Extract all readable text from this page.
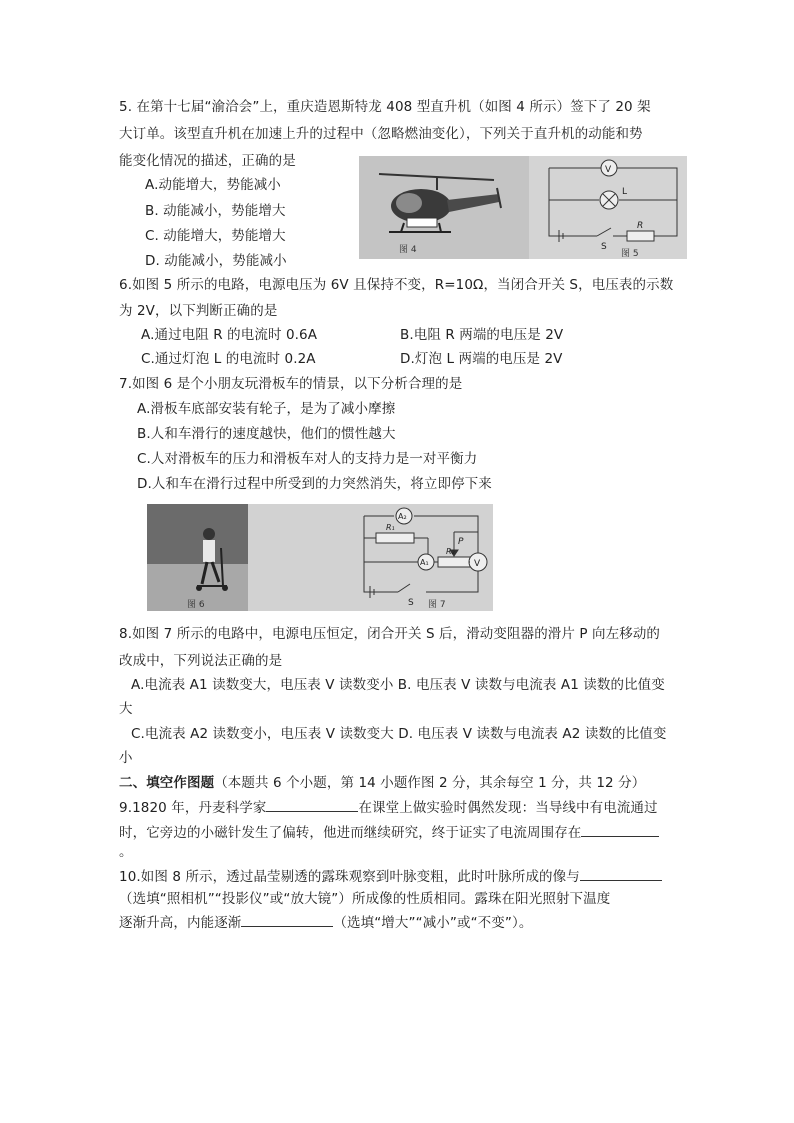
5. 在第十七届“渝洽会”上，重庆造恩斯特龙 408 型直升机（如图 4 所示）签下了 20 架
大订单。该型直升机在加速上升的过程中（忽略燃油变化），下列关于直升机的动能和势
能变化情况的描述，正确的是
A.动能增大，势能减小
B. 动能减小，势能增大
C. 动能增大，势能增大
D. 动能减小，势能减小
图 4
V
L
S
R
图 5
6.如图 5 所示的电路，电源电压为 6V 且保持不变，R=10Ω，当闭合开关 S，电压表的示数
为 2V，以下判断正确的是
A.通过电阻 R 的电流时 0.6A	B.电阻 R 两端的电压是 2V
C.通过灯泡 L 的电流时 0.2A	D.灯泡 L 两端的电压是 2V
7.如图 6 是个小朋友玩滑板车的情景，以下分析合理的是
A.滑板车底部安装有轮子，是为了减小摩擦
B.人和车滑行的速度越快，他们的惯性越大
C.人对滑板车的压力和滑板车对人的支持力是一对平衡力
D.人和车在滑行过程中所受到的力突然消失，将立即停下来
图 6
A₂
R₁
A₁
R₂
P
V
S 图 7
8.如图 7 所示的电路中，电源电压恒定，闭合开关 S 后，滑动变阻器的滑片 P 向左移动的
改成中，下列说法正确的是
A.电流表 A1 读数变大，电压表 V 读数变小 B. 电压表 V 读数与电流表 A1 读数的比值变
大
C.电流表 A2 读数变小，电压表 V 读数变大 D. 电压表 V 读数与电流表 A2 读数的比值变
小
二、填空作图题（本题共 6 个小题，第 14 小题作图 2 分，其余每空 1 分，共 12 分）
9.1820 年，丹麦科学家	在课堂上做实验时偶然发现：当导线中有电流通过
时，它旁边的小磁针发生了偏转，他进而继续研究，终于证实了电流周围存在
。
10.如图 8 所示，透过晶莹剔透的露珠观察到叶脉变粗，此时叶脉所成的像与
（选填“照相机”“投影仪”或“放大镜”）所成像的性质相同。露珠在阳光照射下温度
逐渐升高，内能逐渐	（选填“增大”“减小”或“不变”）。
